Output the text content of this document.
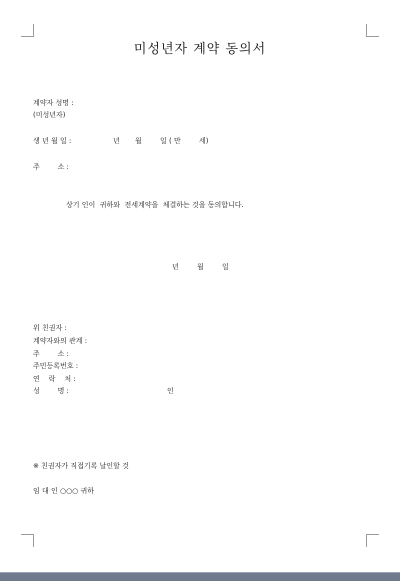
미성년자 계약 동의서
계약자 성명 :
(미성년자)
생 년 월 일 :	년 월	일 ( 만	세)
주        소 :
상기 인이  귀하와  전세계약을  체결하는 것을 동의합니다.
년	월	일
위 친권자 :
계약자와의 관계 :
주        소 :
주민등록번호 :
연    락    처 :
성        명 :	인
※ 친권자가 직접기록 날인할 것
임 대 인 ○○○ 귀하
